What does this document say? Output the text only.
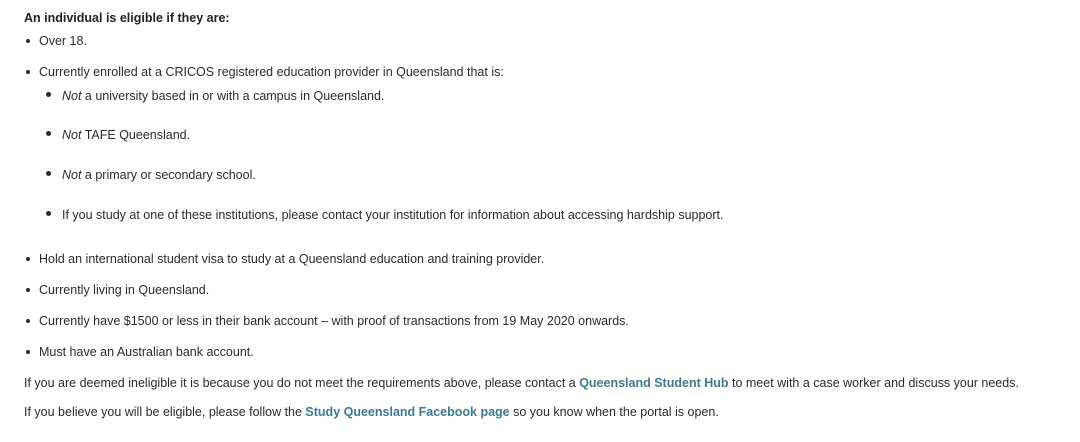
An individual is eligible if they are:
Over 18.
Currently enrolled at a CRICOS registered education provider in Queensland that is:
Not a university based in or with a campus in Queensland.
Not TAFE Queensland.
Not a primary or secondary school.
If you study at one of these institutions, please contact your institution for information about accessing hardship support.
Hold an international student visa to study at a Queensland education and training provider.
Currently living in Queensland.
Currently have $1500 or less in their bank account – with proof of transactions from 19 May 2020 onwards.
Must have an Australian bank account.
If you are deemed ineligible it is because you do not meet the requirements above, please contact a Queensland Student Hub to meet with a case worker and discuss your needs.
If you believe you will be eligible, please follow the Study Queensland Facebook page so you know when the portal is open.
